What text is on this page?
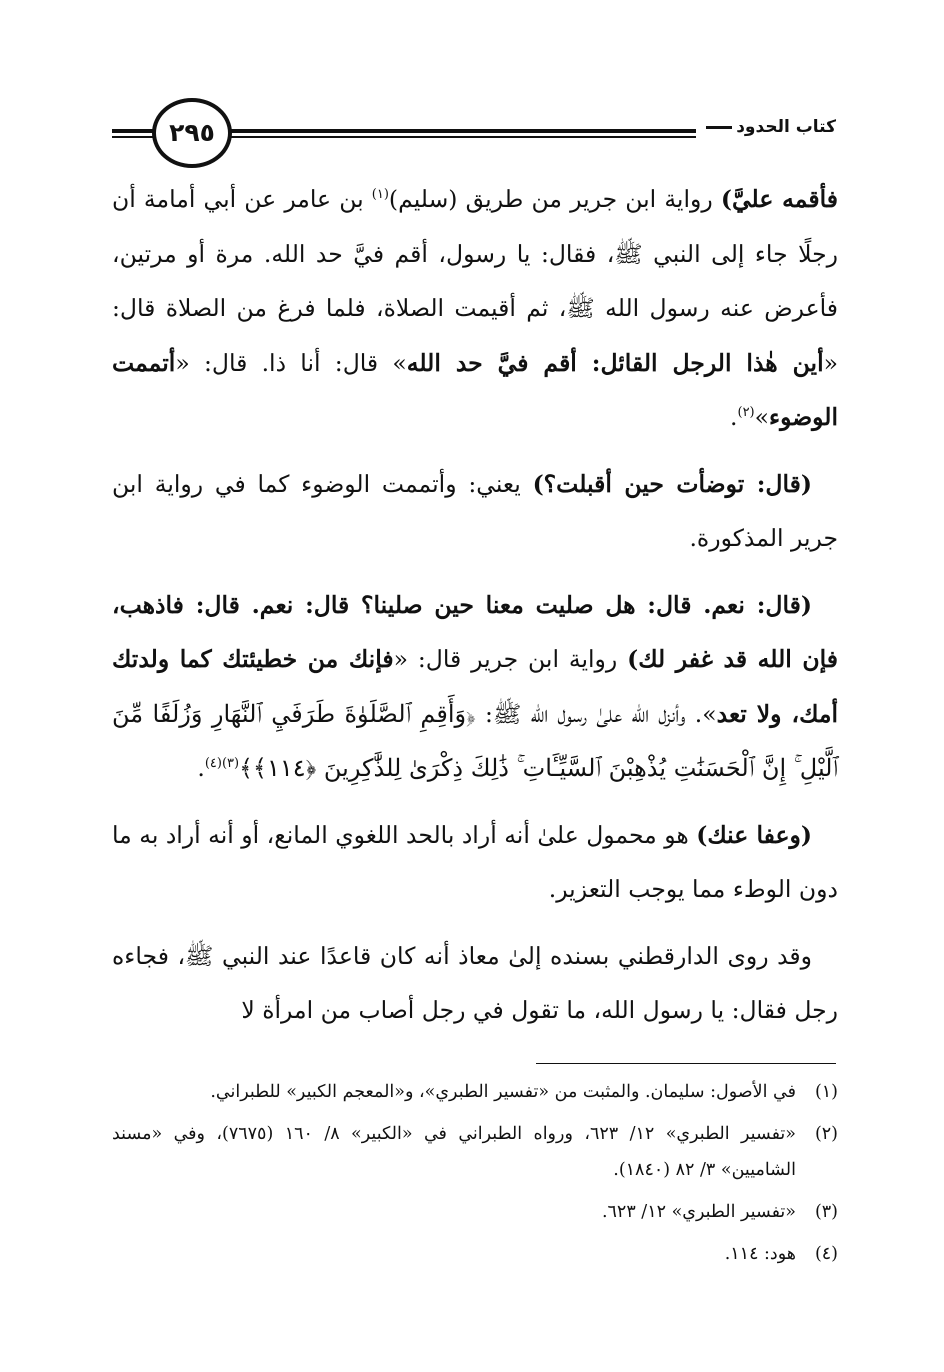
كتاب الحدود
٢٩٥

فأقمه عليَّ) رواية ابن جرير من طريق (سليم)$^{(١)}$ بن عامر عن أبي أمامة أن رجلًا جاء إلى النبي ﷺ، فقال: يا رسول، أقم فيَّ حد الله. مرة أو مرتين، فأعرض عنه رسول الله ﷺ، ثم أقيمت الصلاة، فلما فرغ من الصلاة قال: «أين هٰذا الرجل القائل: أقم فيَّ حد الله» قال: أنا ذا. قال: «أتممت الوضوء»$^{(٢)}$.

(قال: توضأت حين أقبلت؟) يعني: وأتممت الوضوء كما في رواية ابن جرير المذكورة.

(قال: نعم. قال: هل صليت معنا حين صلينا؟ قال: نعم. قال: فاذهب، فإن الله قد غفر لك) رواية ابن جرير قال: «فإنك من خطيئتك كما ولدتك أمك، ولا تعد». وأنزل الله علىٰ رسول الله ﷺ: ﴿وَأَقِمِ ٱلصَّلَوٰةَ طَرَفَيِ ٱلنَّهَارِ وَزُلَفًا مِّنَ ٱلَّيْلِ ۚ إِنَّ ٱلْحَسَنَٰتِ يُذْهِبْنَ ٱلسَّيِّـَٔاتِ ۚ ذَٰلِكَ ذِكْرَىٰ لِلذَّٰكِرِينَ ﴿١١٤﴾﴾$^{(٣)(٤)}$.

(وعفا عنك) هو محمول علىٰ أنه أراد بالحد اللغوي المانع، أو أنه أراد به ما دون الوطء مما يوجب التعزير.

وقد روى الدارقطني بسنده إلىٰ معاذ أنه كان قاعدًا عند النبي ﷺ، فجاءه رجل فقال: يا رسول الله، ما تقول في رجل أصاب من امرأة لا

(١)
في الأصول: سليمان. والمثبت من «تفسير الطبري»، و«المعجم الكبير» للطبراني.
(٢)
«تفسير الطبري» ١٢/ ٦٢٣، ورواه الطبراني في «الكبير» ٨/ ١٦٠ (٧٦٧٥)، وفي «مسند الشاميين» ٣/ ٨٢ (١٨٤٠).
(٣)
«تفسير الطبري» ١٢/ ٦٢٣.
(٤)
هود: ١١٤.
